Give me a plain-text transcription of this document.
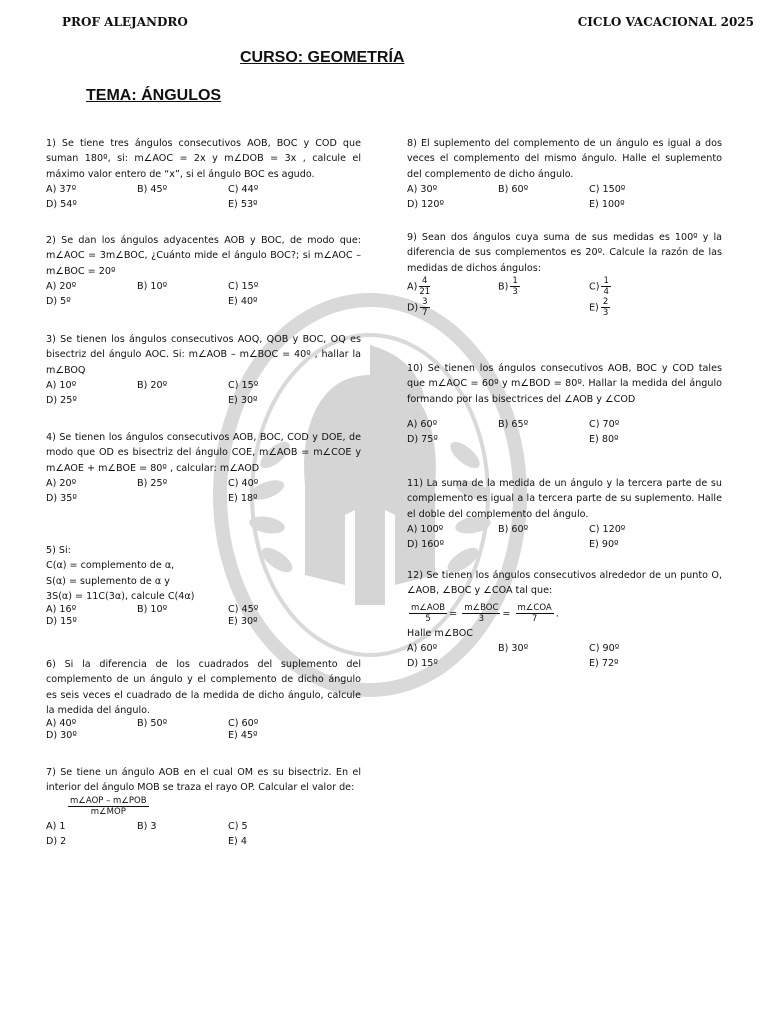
PROF ALEJANDRO	CICLO VACACIONAL 2025
CURSO: GEOMETRÍA
TEMA: ÁNGULOS
1) Se tiene tres ángulos consecutivos AOB, BOC y COD que suman 180º, si: m∠AOC = 2x y m∠DOB = 3x , calcule el máximo valor entero de “x”, si el ángulo BOC es agudo.
A) 37º	B) 45º	C) 44º
D) 54º	E) 53º
2) Se dan los ángulos adyacentes AOB y BOC, de modo que: m∠AOC = 3m∠BOC, ¿Cuánto mide el ángulo BOC?; si m∠AOC – m∠BOC = 20º
A) 20º	B) 10º	C) 15º
D) 5º	E) 40º
3) Se tienen los ángulos consecutivos AOQ, QOB y BOC, OQ es bisectriz del ángulo AOC. Si: m∠AOB – m∠BOC = 40º , hallar la m∠BOQ
A) 10º	B) 20º	C) 15º
D) 25º	E) 30º
4) Se tienen los ángulos consecutivos AOB, BOC, COD y DOE, de modo que OD es bisectriz del ángulo COE, m∠AOB = m∠COE y m∠AOE + m∠BOE = 80º , calcular: m∠AOD
A) 20º	B) 25º	C) 40º
D) 35º	E) 18º
5) Si:
C(α) = complemento de α,
S(α) = suplemento de α y
3S(α) = 11C(3α), calcule C(4α)
A) 16º	B) 10º	C) 45º
D) 15º	E) 30º
6) Si la diferencia de los cuadrados del suplemento del complemento de un ángulo y el complemento de dicho ángulo es seis veces el cuadrado de la medida de dicho ángulo, calcule la medida del ángulo.
A) 40º	B) 50º	C) 60º
D) 30º	E) 45º
7) Se tiene un ángulo AOB en el cual OM es su bisectriz. En el interior del ángulo MOB se traza el rayo OP. Calcular el valor de:
$\frac{\text{m∠AOP – m∠POB}}{\text{m∠MOP}}$
A) 1	B) 3	C) 5
D) 2	E) 4
8) El suplemento del complemento de un ángulo es igual a dos veces el complemento del mismo ángulo. Halle el suplemento del complemento de dicho ángulo.
A) 30º	B) 60º	C) 150º
D) 120º	E) 100º
9) Sean dos ángulos cuya suma de sus medidas es 100º y la diferencia de sus complementos es 20º. Calcule la razón de las medidas de dichos ángulos:
$A) \frac{4}{21}$	$B) \frac{1}{3}$	$C) \frac{1}{4}$
$D) \frac{3}{7}$	$E) \frac{2}{3}$
10) Se tienen los ángulos consecutivos AOB, BOC y COD tales que m∠AOC = 60º y m∠BOD = 80º. Hallar la medida del ángulo formando por las bisectrices del ∠AOB y ∠COD
A) 60º	B) 65º	C) 70º
D) 75º	E) 80º
11) La suma de la medida de un ángulo y la tercera parte de su complemento es igual a la tercera parte de su suplemento. Halle el doble del complemento del ángulo.
A) 100º	B) 60º	C) 120º
D) 160º	E) 90º
12) Se tienen los ángulos consecutivos alrededor de un punto O, ∠AOB, ∠BOC y ∠COA tal que:
$\frac{\text{m∠AOB}}{5} = \frac{\text{m∠BOC}}{3} = \frac{\text{m∠COA}}{7}$ .
Halle m∠BOC
A) 60º	B) 30º	C) 90º
D) 15º	E) 72º
